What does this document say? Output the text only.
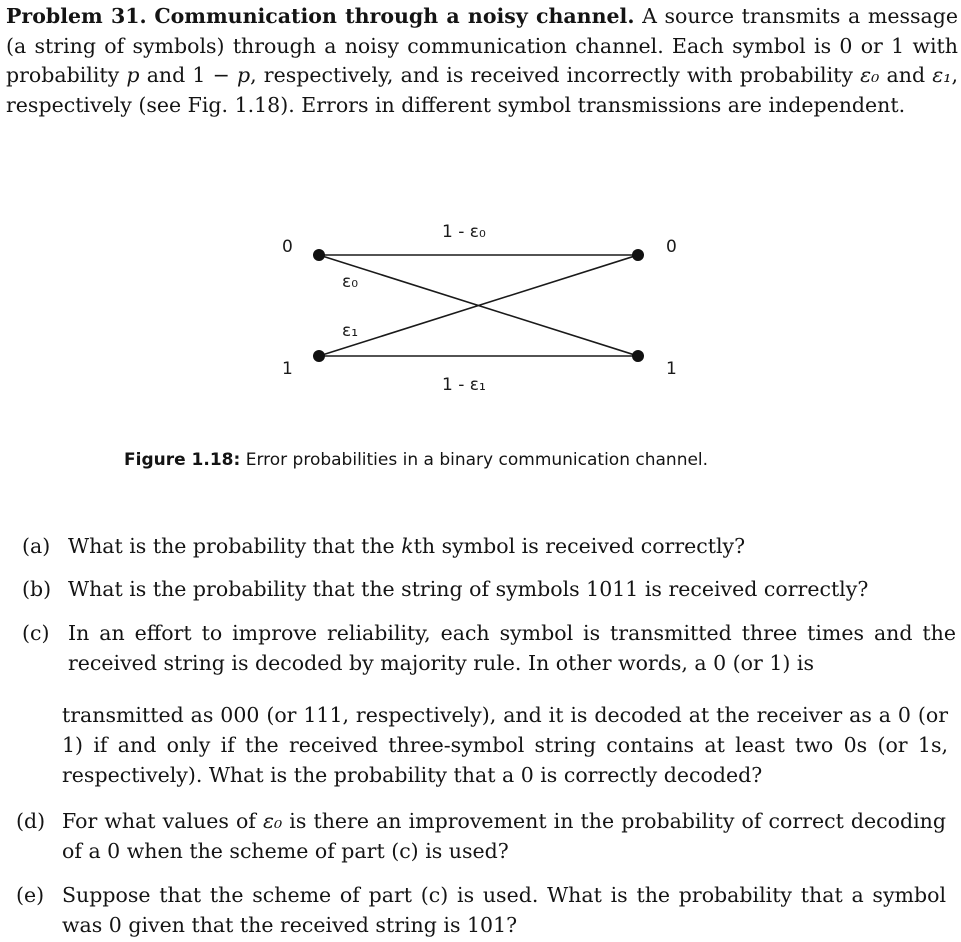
Problem 31. Communication through a noisy channel. A source transmits a message (a string of symbols) through a noisy communication channel. Each symbol is 0 or 1 with probability p and 1 − p, respectively, and is received incorrectly with probability ε₀ and ε₁, respectively (see Fig. 1.18). Errors in different symbol transmissions are independent.

0
1
0
1
1 - ε₀
ε₀
ε₁
1 - ε₁

Figure 1.18: Error probabilities in a binary communication channel.

(a) What is the probability that the kth symbol is received correctly?

(b) What is the probability that the string of symbols 1011 is received correctly?

(c) In an effort to improve reliability, each symbol is transmitted three times and the received string is decoded by majority rule. In other words, a 0 (or 1) is

transmitted as 000 (or 111, respectively), and it is decoded at the receiver as a 0 (or 1) if and only if the received three-symbol string contains at least two 0s (or 1s, respectively). What is the probability that a 0 is correctly decoded?

(d) For what values of ε₀ is there an improvement in the probability of correct decoding of a 0 when the scheme of part (c) is used?

(e) Suppose that the scheme of part (c) is used. What is the probability that a symbol was 0 given that the received string is 101?
